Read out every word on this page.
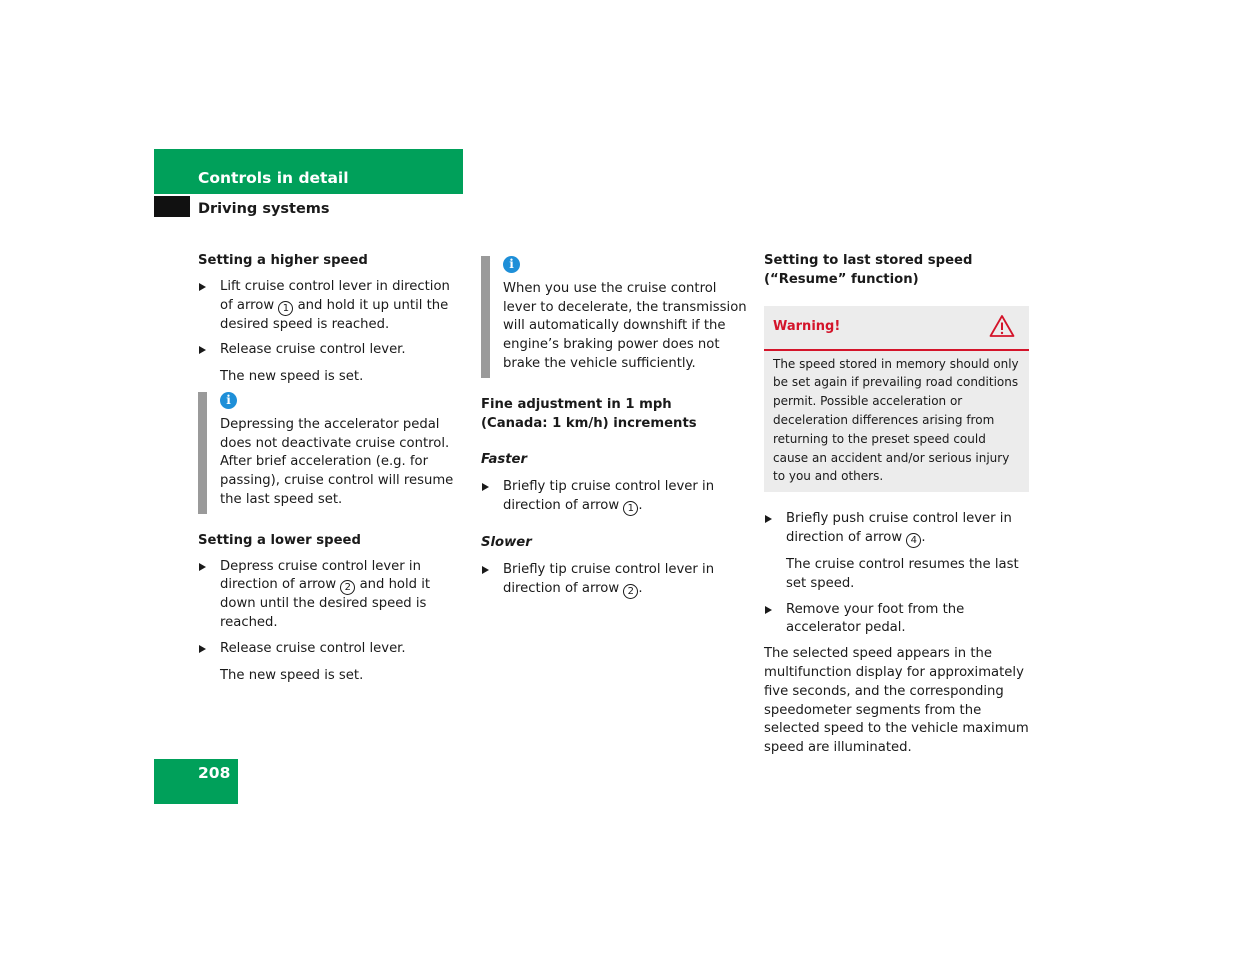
Controls in detail
Driving systems

Setting a higher speed

Lift cruise control lever in direction of arrow 1 and hold it up until the desired speed is reached.

Release cruise control lever.

The new speed is set.

i

Depressing the accelerator pedal does not deactivate cruise control. After brief acceleration (e.g. for passing), cruise control will resume the last speed set.

Setting a lower speed

Depress cruise control lever in direction of arrow 2 and hold it down until the desired speed is reached.

Release cruise control lever.

The new speed is set.

i

When you use the cruise control lever to decelerate, the transmission will automatically downshift if the engine’s braking power does not brake the vehicle sufficiently.

Fine adjustment in 1 mph
(Canada: 1 km/h) increments

Faster

Briefly tip cruise control lever in direction of arrow 1 .

Slower

Briefly tip cruise control lever in direction of arrow 2 .

Setting to last stored speed
(“Resume” function)

Warning!

The speed stored in memory should only be set again if prevailing road conditions permit. Possible acceleration or deceleration differences arising from returning to the preset speed could cause an accident and/or serious injury to you and others.

Briefly push cruise control lever in direction of arrow 4 .

The cruise control resumes the last set speed.

Remove your foot from the accelerator pedal.

The selected speed appears in the multifunction display for approximately five seconds, and the corresponding speedometer segments from the selected speed to the vehicle maximum speed are illuminated.

208
